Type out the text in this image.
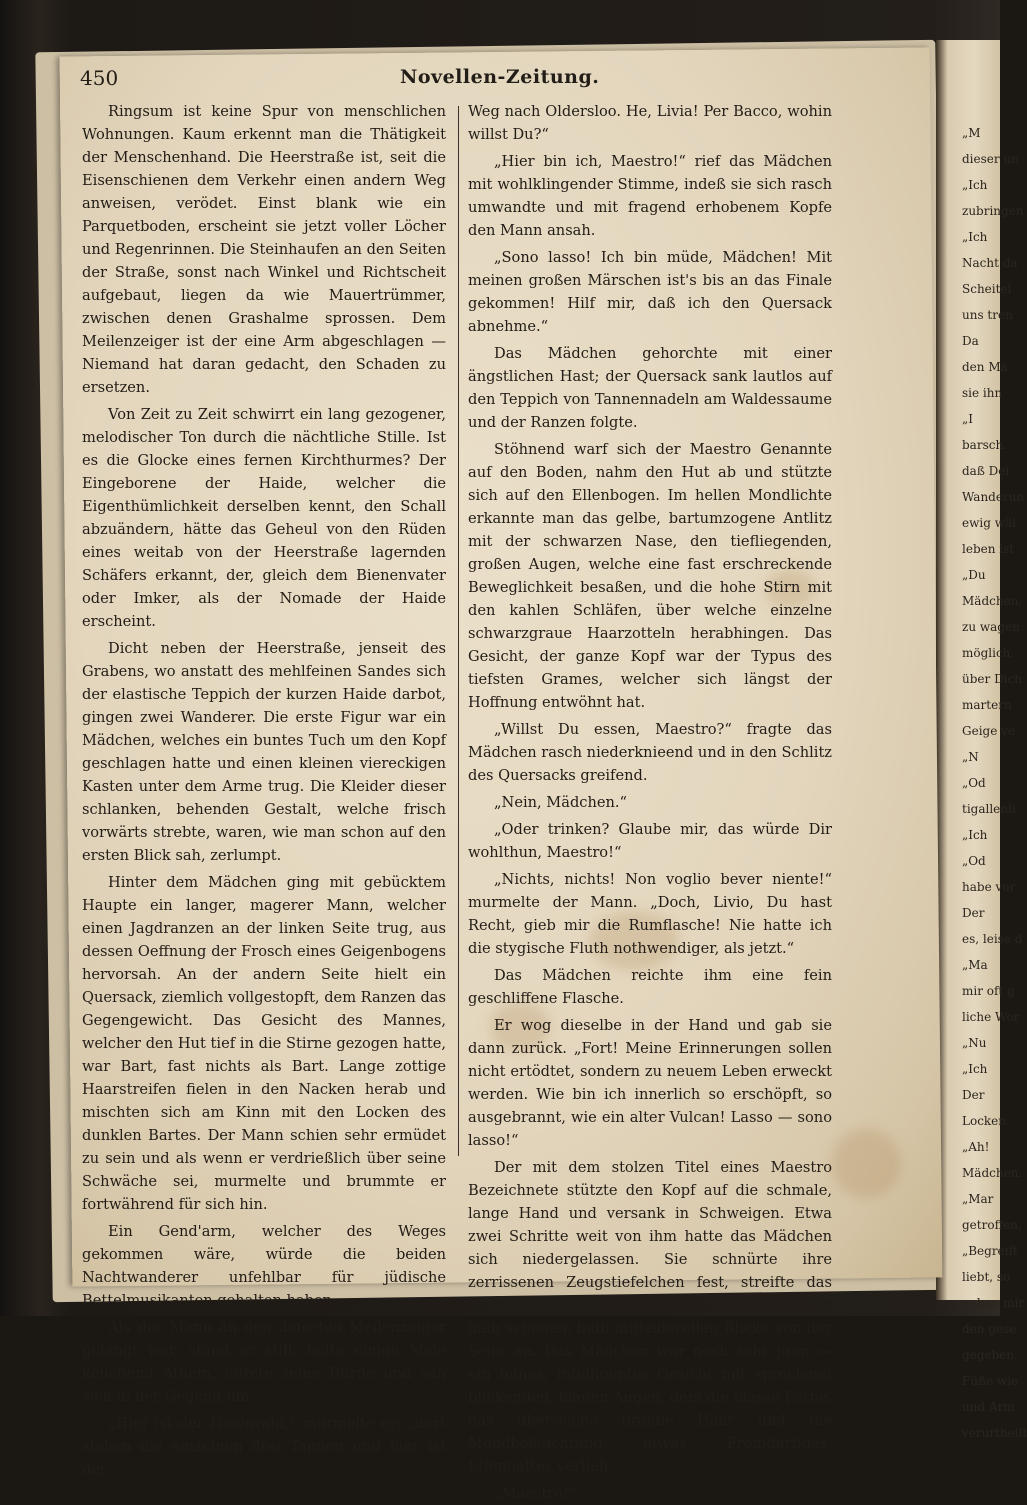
„M
dieser un
„Ich
zubringen
„Ich
Nacht da
Scheitel
uns tren
Da
den Ma
sie ihn
„I
barsch.
daß Dei
Wanderun
ewig wäl
leben ist
„Du
Mädchen,
zu wagen
möglich,
über Dich
martern
Geige ve
„N
„Od
tigallenli
„Ich
„Od
habe vor
Der
es, leise d
„Ma
mir oft g
liche Wor
„Nu
„Ich
Der
Locken.
„Ah!
Mädchen.
„Mar
getroffen,
„Begreift
liebt, so
neben mir
den gese
gegeben.
Füße wie
und Arm
verurtheilt
450	Novellen-Zeitung.

Ringsum ist keine Spur von menschlichen Wohnungen. Kaum erkennt man die Thätigkeit der Menschenhand. Die Heerstraße ist, seit die Eisenschienen dem Verkehr einen andern Weg anweisen, verödet. Einst blank wie ein Parquetboden, erscheint sie jetzt voller Löcher und Regenrinnen. Die Steinhaufen an den Seiten der Straße, sonst nach Winkel und Richtscheit aufgebaut, liegen da wie Mauertrümmer, zwischen denen Grashalme sprossen. Dem Meilenzeiger ist der eine Arm abgeschlagen — Niemand hat daran gedacht, den Schaden zu ersetzen.

Von Zeit zu Zeit schwirrt ein lang gezogener, melodischer Ton durch die nächtliche Stille. Ist es die Glocke eines fernen Kirchthurmes? Der Eingeborene der Haide, welcher die Eigenthümlichkeit derselben kennt, den Schall abzuändern, hätte das Geheul von den Rüden eines weitab von der Heerstraße lagernden Schäfers erkannt, der, gleich dem Bienenvater oder Imker, als der Nomade der Haide erscheint.

Dicht neben der Heerstraße, jenseit des Grabens, wo anstatt des mehlfeinen Sandes sich der elastische Teppich der kurzen Haide darbot, gingen zwei Wanderer. Die erste Figur war ein Mädchen, welches ein buntes Tuch um den Kopf geschlagen hatte und einen kleinen viereckigen Kasten unter dem Arme trug. Die Kleider dieser schlanken, behenden Gestalt, welche frisch vorwärts strebte, waren, wie man schon auf den ersten Blick sah, zerlumpt.

Hinter dem Mädchen ging mit gebücktem Haupte ein langer, magerer Mann, welcher einen Jagdranzen an der linken Seite trug, aus dessen Oeffnung der Frosch eines Geigenbogens hervorsah. An der andern Seite hielt ein Quersack, ziemlich vollgestopft, dem Ranzen das Gegengewicht. Das Gesicht des Mannes, welcher den Hut tief in die Stirne gezogen hatte, war Bart, fast nichts als Bart. Lange zottige Haarstreifen fielen in den Nacken herab und mischten sich am Kinn mit den Locken des dunklen Bartes. Der Mann schien sehr ermüdet zu sein und als wenn er verdrießlich über seine Schwäche sei, murmelte und brummte er fortwährend für sich hin.

Ein Gend'arm, welcher des Weges gekommen wäre, würde die beiden Nachtwanderer unfehlbar für jüdische Bettelmusikanten gehalten haben.

Als der Mann an den defecten Meilenzeiger gelangt war, stand er still, holte einige Male keuchend Athem, lüftete seine Bürde und sah sich in der Gegend um.

„Hier ist der Hochwald,“ murmelte er; „dort stehen die einzelnen drei Tannen und hier ist der

Weg nach Oldersloo. He, Livia! Per Bacco, wohin willst Du?“

„Hier bin ich, Maestro!“ rief das Mädchen mit wohlklingender Stimme, indeß sie sich rasch umwandte und mit fragend erhobenem Kopfe den Mann ansah.

„Sono lasso! Ich bin müde, Mädchen! Mit meinen großen Märschen ist's bis an das Finale gekommen! Hilf mir, daß ich den Quersack abnehme.“

Das Mädchen gehorchte mit einer ängstlichen Hast; der Quersack sank lautlos auf den Teppich von Tannennadeln am Waldessaume und der Ranzen folgte.

Stöhnend warf sich der Maestro Genannte auf den Boden, nahm den Hut ab und stützte sich auf den Ellenbogen. Im hellen Mondlichte erkannte man das gelbe, bartumzogene Antlitz mit der schwarzen Nase, den tiefliegenden, großen Augen, welche eine fast erschreckende Beweglichkeit besaßen, und die hohe Stirn mit den kahlen Schläfen, über welche einzelne schwarzgraue Haarzotteln herabhingen. Das Gesicht, der ganze Kopf war der Typus des tiefsten Grames, welcher sich längst der Hoffnung entwöhnt hat.

„Willst Du essen, Maestro?“ fragte das Mädchen rasch niederknieend und in den Schlitz des Quersacks greifend.

„Nein, Mädchen.“

„Oder trinken? Glaube mir, das würde Dir wohlthun, Maestro!“

„Nichts, nichts! Non voglio bever niente!“ murmelte der Mann. „Doch, Livio, Du hast Recht, gieb mir die Rumflasche! Nie hatte ich die stygische Fluth nothwendiger, als jetzt.“

Das Mädchen reichte ihm eine fein geschliffene Flasche.

Er wog dieselbe in der Hand und gab sie dann zurück. „Fort! Meine Erinnerungen sollen nicht ertödtet, sondern zu neuem Leben erweckt werden. Wie bin ich innerlich so erschöpft, so ausgebrannt, wie ein alter Vulcan! Lasso — sono lasso!“

Der mit dem stolzen Titel eines Maestro Bezeichnete stützte den Kopf auf die schmale, lange Hand und versank in Schweigen. Etwa zwei Schritte weit von ihm hatte das Mädchen sich niedergelassen. Sie schnürte ihre zerrissenen Zeugstiefelchen fest, streifte das Kopftuch ab und sah ihren Gefährten mit einem halb scheuen, halb mitleidsvollen Blicke von der Seite an. Das Mädchen war noch sehr jung — ein feines, intelligentes Gesicht mit sprechend blickenden, blauen Augen, dem die blasse Farbe, das überreiche braune Haar und die Mondbeleuchtung etwas Fremdartiges, Elfenhaftes verlieh.

„Maestro!“
